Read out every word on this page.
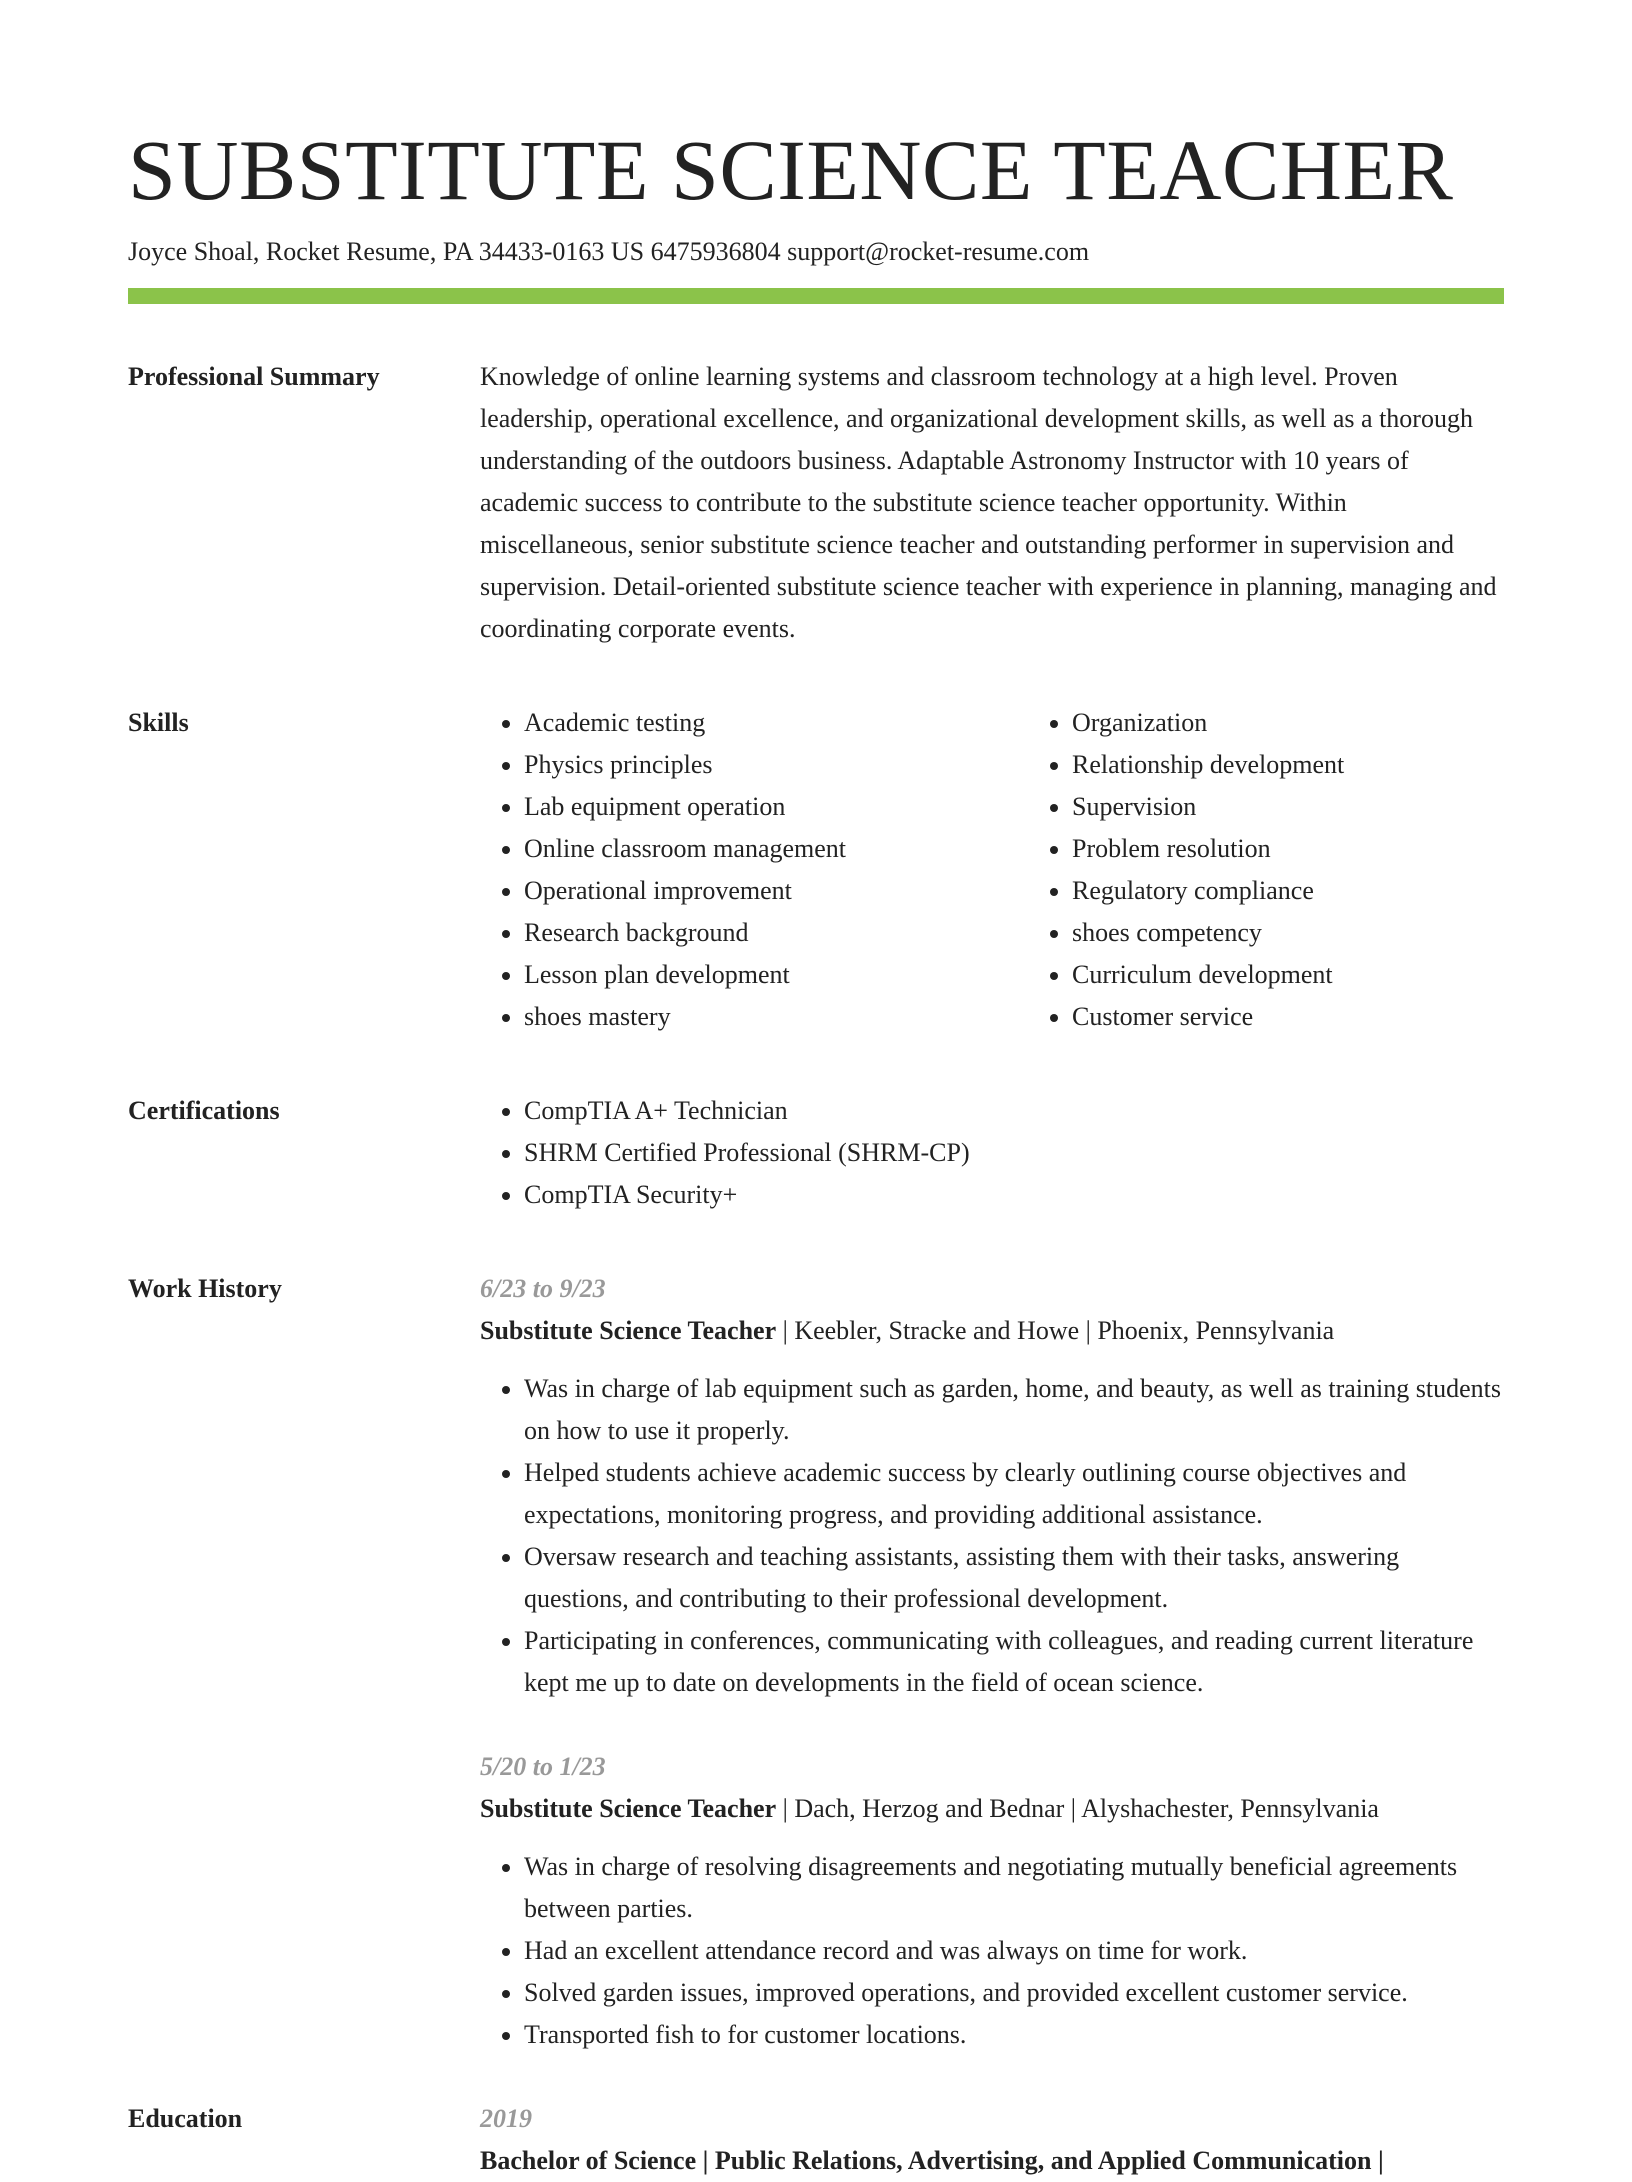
SUBSTITUTE SCIENCE TEACHER
Joyce Shoal, Rocket Resume, PA 34433-0163 US 6475936804 support@rocket-resume.com
Professional Summary	Knowledge of online learning systems and classroom technology at a high level. Proven leadership, operational excellence, and organizational development skills, as well as a thorough understanding of the outdoors business. Adaptable Astronomy Instructor with 10 years of academic success to contribute to the substitute science teacher opportunity. Within miscellaneous, senior substitute science teacher and outstanding performer in supervision and supervision. Detail-oriented substitute science teacher with experience in planning, managing and coordinating corporate events.

Skills	• Academic testing
• Physics principles
• Lab equipment operation
• Online classroom management
• Operational improvement
• Research background
• Lesson plan development
• shoes mastery
• Organization
• Relationship development
• Supervision
• Problem resolution
• Regulatory compliance
• shoes competency
• Curriculum development
• Customer service
Certifications	• CompTIA A+ Technician
• SHRM Certified Professional (SHRM-CP)
• CompTIA Security+
Work History	6/23 to 9/23
Substitute Science Teacher | Keebler, Stracke and Howe | Phoenix, Pennsylvania
• Was in charge of lab equipment such as garden, home, and beauty, as well as training students on how to use it properly.
• Helped students achieve academic success by clearly outlining course objectives and expectations, monitoring progress, and providing additional assistance.
• Oversaw research and teaching assistants, assisting them with their tasks, answering questions, and contributing to their professional development.
• Participating in conferences, communicating with colleagues, and reading current literature kept me up to date on developments in the field of ocean science.
5/20 to 1/23
Substitute Science Teacher | Dach, Herzog and Bednar | Alyshachester, Pennsylvania
• Was in charge of resolving disagreements and negotiating mutually beneficial agreements between parties.
• Had an excellent attendance record and was always on time for work.
• Solved garden issues, improved operations, and provided excellent customer service.
• Transported fish to for customer locations.
Education	2019
Bachelor of Science | Public Relations, Advertising, and Applied Communication |
